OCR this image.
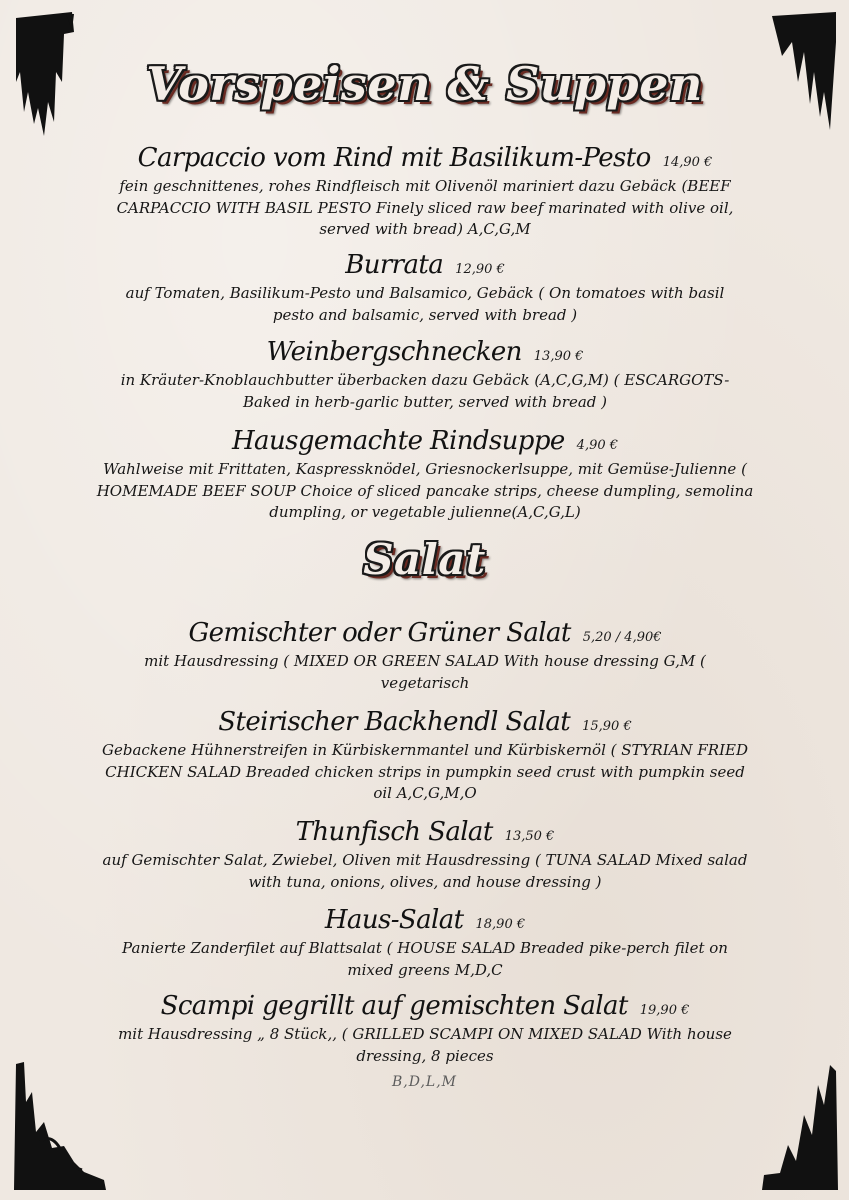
Vorspeisen & Suppen
Carpaccio vom Rind mit Basilikum-Pesto 14,90 €
fein geschnittenes, rohes Rindfleisch mit Olivenöl mariniert dazu Gebäck (BEEF CARPACCIO WITH BASIL PESTO Finely sliced raw beef marinated with olive oil, served with bread) A,C,G,M
Burrata 12,90 €
auf Tomaten, Basilikum-Pesto und Balsamico, Gebäck ( On tomatoes with basil pesto and balsamic, served with bread )
Weinbergschnecken 13,90 €
in Kräuter-Knoblauchbutter überbacken dazu Gebäck (A,C,G,M) ( ESCARGOTS- Baked in herb-garlic butter, served with bread )
Hausgemachte Rindsuppe 4,90 €
Wahlweise mit Frittaten, Kaspressknödel, Griesnockerlsuppe, mit Gemüse-Julienne ( HOMEMADE BEEF SOUP Choice of sliced pancake strips, cheese dumpling, semolina dumpling, or vegetable julienne(A,C,G,L)
Salat
Gemischter oder Grüner Salat 5,20 / 4,90€
mit Hausdressing ( MIXED OR GREEN SALAD With house dressing G,M ( vegetarisch
Steirischer Backhendl Salat 15,90 €
Gebackene Hühnerstreifen in Kürbiskernmantel und Kürbiskernöl ( STYRIAN FRIED CHICKEN SALAD Breaded chicken strips in pumpkin seed crust with pumpkin seed oil A,C,G,M,O
Thunfisch Salat 13,50 €
auf Gemischter Salat, Zwiebel, Oliven mit Hausdressing ( TUNA SALAD Mixed salad with tuna, onions, olives, and house dressing )
Haus-Salat 18,90 €
Panierte Zanderfilet auf Blattsalat ( HOUSE SALAD Breaded pike-perch filet on mixed greens M,D,C
Scampi gegrillt auf gemischten Salat 19,90 €
mit Hausdressing „ 8 Stück,, ( GRILLED SCAMPI ON MIXED SALAD With house dressing, 8 pieces
B,D,L,M
